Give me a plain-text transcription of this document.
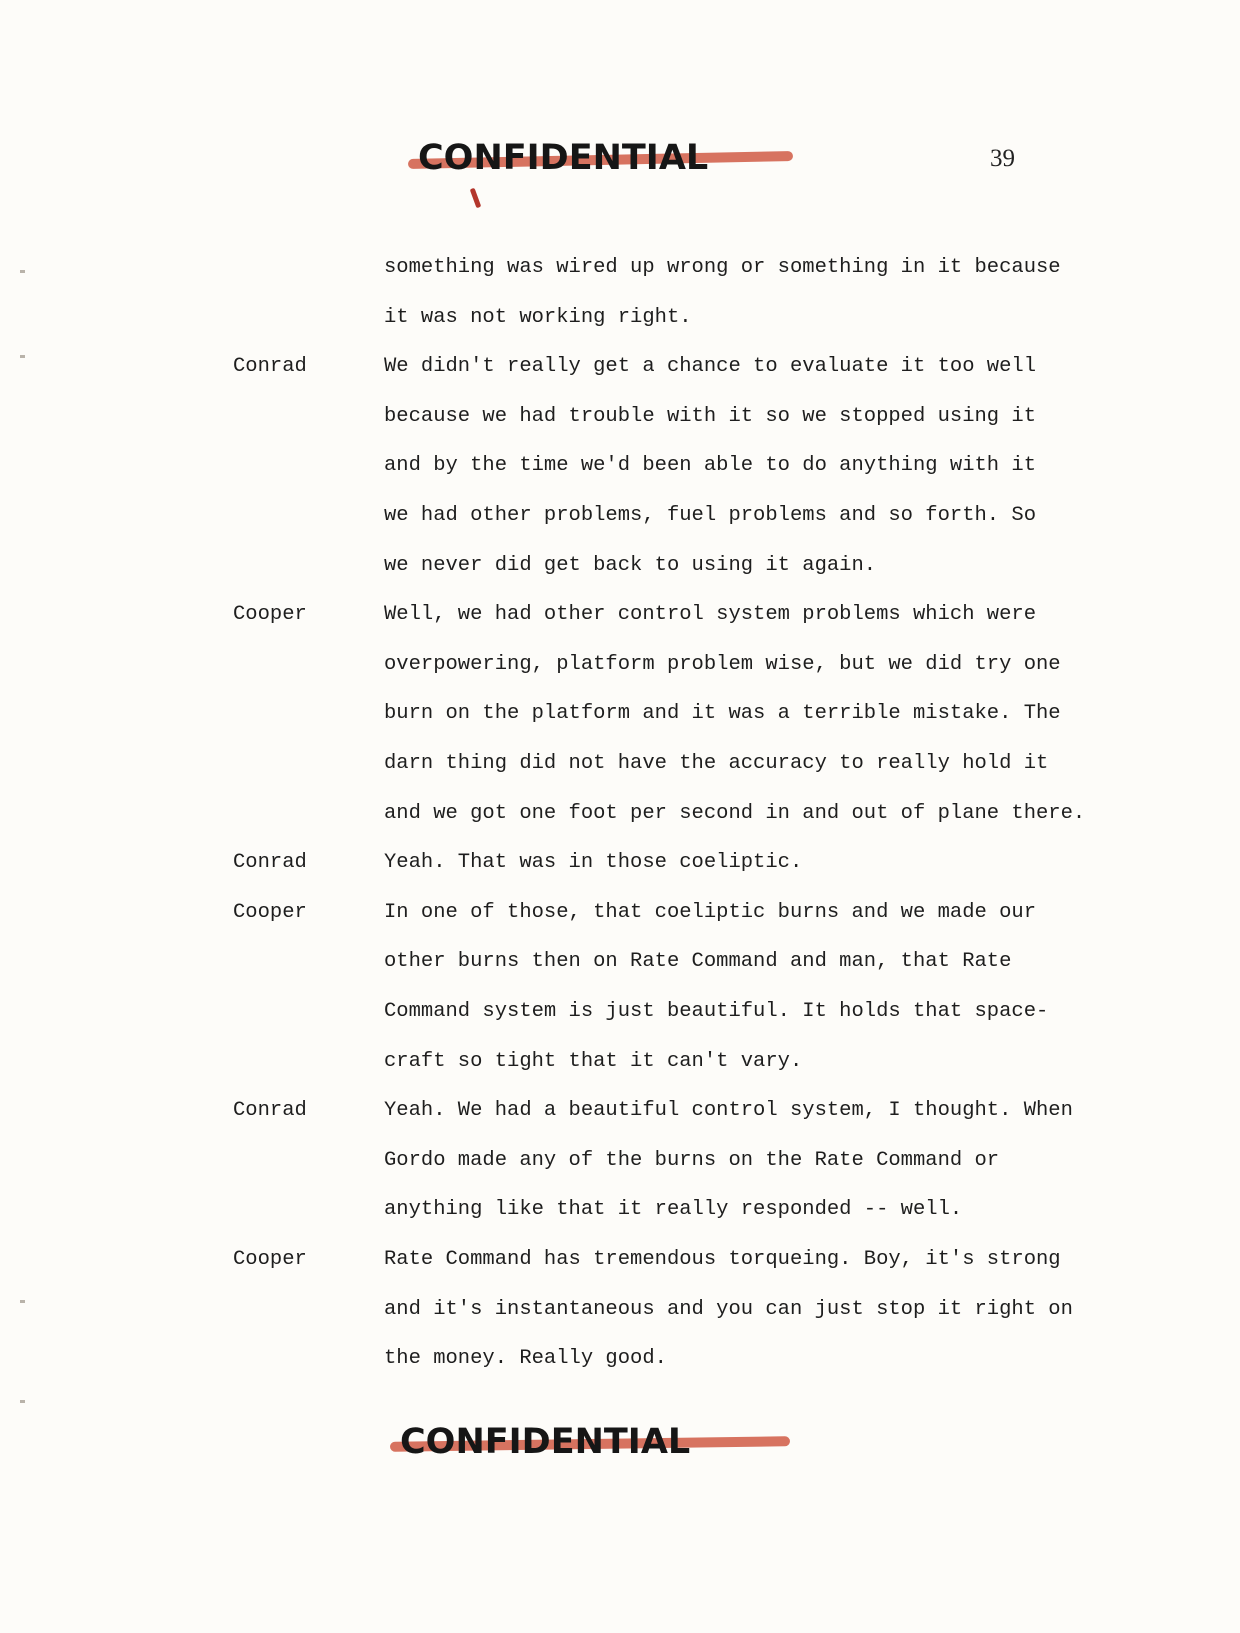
CONFIDENTIAL	39
something was wired up wrong or something in it because
it was not working right.
Conrad	We didn't really get a chance to evaluate it too well
because we had trouble with it so we stopped using it
and by the time we'd been able to do anything with it
we had other problems, fuel problems and so forth. So
we never did get back to using it again.
Cooper	Well, we had other control system problems which were
overpowering, platform problem wise, but we did try one
burn on the platform and it was a terrible mistake. The
darn thing did not have the accuracy to really hold it
and we got one foot per second in and out of plane there.
Conrad	Yeah. That was in those coeliptic.
Cooper	In one of those, that coeliptic burns and we made our
other burns then on Rate Command and man, that Rate
Command system is just beautiful. It holds that space-
craft so tight that it can't vary.
Conrad	Yeah. We had a beautiful control system, I thought. When
Gordo made any of the burns on the Rate Command or
anything like that it really responded -- well.
Cooper	Rate Command has tremendous torqueing. Boy, it's strong
and it's instantaneous and you can just stop it right on
the money. Really good.
CONFIDENTIAL
